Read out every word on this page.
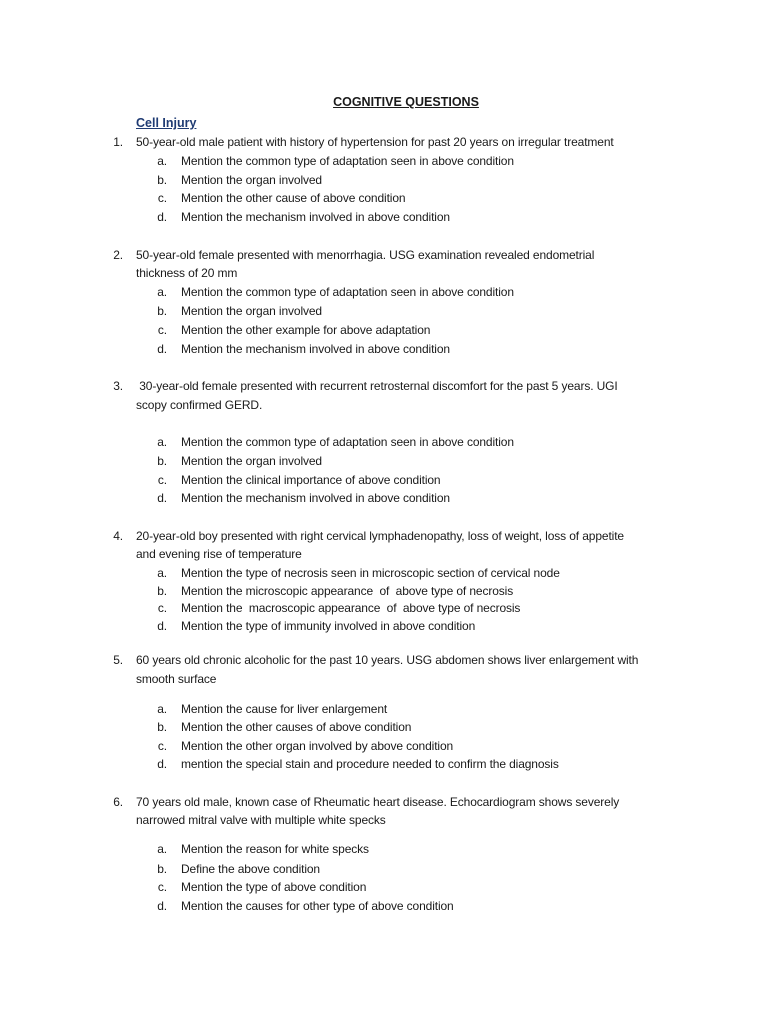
COGNITIVE QUESTIONS
Cell Injury
1. 50-year-old male patient with history of hypertension for past 20 years on irregular treatment
a. Mention the common type of adaptation seen in above condition
b. Mention the organ involved
c. Mention the other cause of above condition
d. Mention the mechanism involved in above condition
2. 50-year-old female presented with menorrhagia. USG examination revealed endometrial
thickness of 20 mm
a. Mention the common type of adaptation seen in above condition
b. Mention the organ involved
c. Mention the other example for above adaptation
d. Mention the mechanism involved in above condition
3. 30-year-old female presented with recurrent retrosternal discomfort for the past 5 years. UGI
scopy confirmed GERD.
a. Mention the common type of adaptation seen in above condition
b. Mention the organ involved
c. Mention the clinical importance of above condition
d. Mention the mechanism involved in above condition
4. 20-year-old boy presented with right cervical lymphadenopathy, loss of weight, loss of appetite
and evening rise of temperature
a. Mention the type of necrosis seen in microscopic section of cervical node
b. Mention the microscopic appearance  of  above type of necrosis
c. Mention the  macroscopic appearance  of  above type of necrosis
d. Mention the type of immunity involved in above condition
5. 60 years old chronic alcoholic for the past 10 years. USG abdomen shows liver enlargement with
smooth surface
a. Mention the cause for liver enlargement
b. Mention the other causes of above condition
c. Mention the other organ involved by above condition
d. mention the special stain and procedure needed to confirm the diagnosis
6. 70 years old male, known case of Rheumatic heart disease. Echocardiogram shows severely
narrowed mitral valve with multiple white specks
a. Mention the reason for white specks
b. Define the above condition
c. Mention the type of above condition
d. Mention the causes for other type of above condition
